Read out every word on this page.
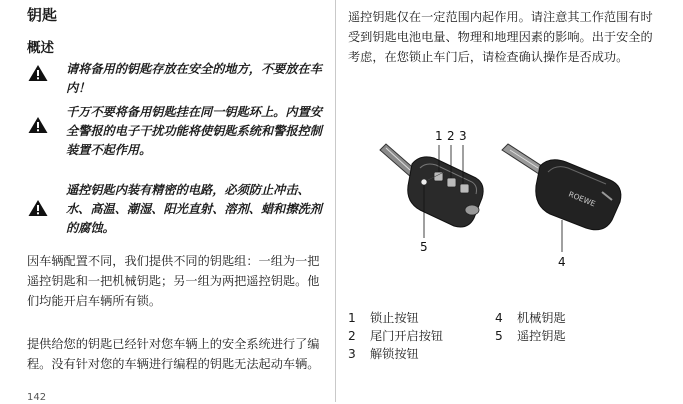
钥匙
概述
请将备用的钥匙存放在安全的地方，不要放在车内！
千万不要将备用钥匙挂在同一钥匙环上。内置安全警报的电子干扰功能将使钥匙系统和警报控制装置不起作用。
遥控钥匙内装有精密的电路，必须防止冲击、水、高温、潮湿、阳光直射、溶剂、蜡和擦洗剂的腐蚀。
因车辆配置不同，我们提供不同的钥匙组：一组为一把遥控钥匙和一把机械钥匙；另一组为两把遥控钥匙。他们均能开启车辆所有锁。
提供给您的钥匙已经针对您车辆上的安全系统进行了编程。没有针对您的车辆进行编程的钥匙无法起动车辆。
遥控钥匙仅在一定范围内起作用。请注意其工作范围有时受到钥匙电池电量、物理和地理因素的影响。出于安全的考虑，在您锁止车门后，请检查确认操作是否成功。
ROEWE
1 2 3
4
5
1 锁止按钮
2 尾门开启按钮
3 解锁按钮
4 机械钥匙
5 遥控钥匙
142
